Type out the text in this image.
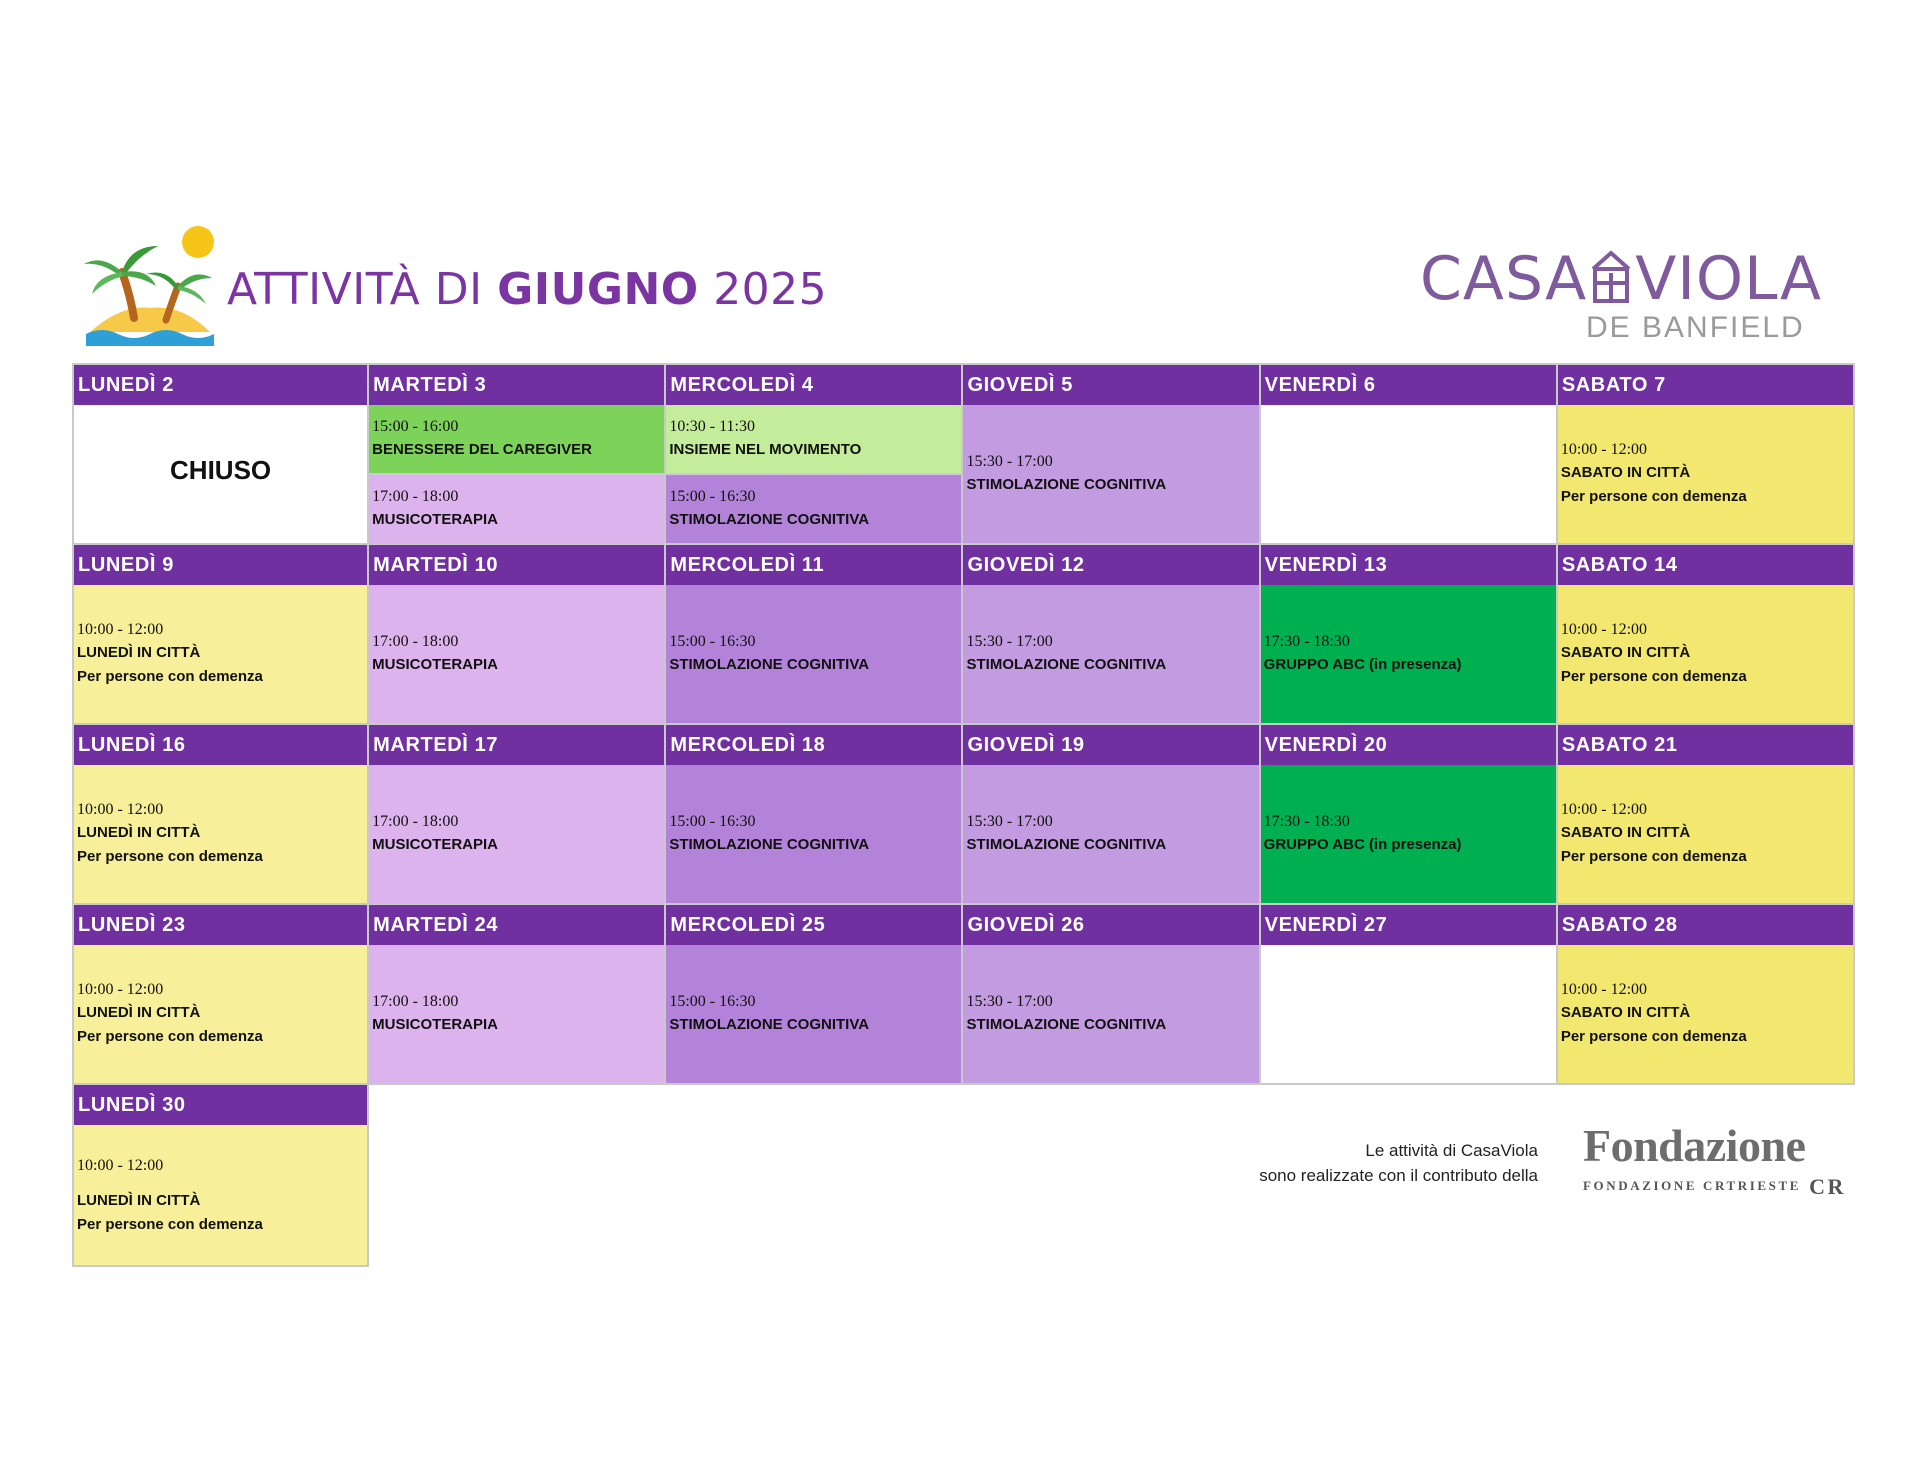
ATTIVITÀ DI GIUGNO 2025	CASA VIOLA
DE BANFIELD
LUNEDÌ 2
CHIUSO
MARTEDÌ 3
15:00 - 16:00
BENESSERE DEL CAREGIVER
17:00 - 18:00
MUSICOTERAPIA
MERCOLEDÌ 4
10:30 - 11:30
INSIEME NEL MOVIMENTO
15:00 - 16:30
STIMOLAZIONE COGNITIVA
GIOVEDÌ 5
15:30 - 17:00
STIMOLAZIONE COGNITIVA
VENERDÌ 6	SABATO 7
10:00 - 12:00
SABATO IN CITTÀ
Per persone con demenza
LUNEDÌ 9
10:00 - 12:00
LUNEDÌ IN CITTÀ
Per persone con demenza
MARTEDÌ 10
17:00 - 18:00
MUSICOTERAPIA
MERCOLEDÌ 11
15:00 - 16:30
STIMOLAZIONE COGNITIVA
GIOVEDÌ 12
15:30 - 17:00
STIMOLAZIONE COGNITIVA
VENERDÌ 13
17:30 - 18:30
GRUPPO ABC (in presenza)
SABATO 14
10:00 - 12:00
SABATO IN CITTÀ
Per persone con demenza
LUNEDÌ 16
10:00 - 12:00
LUNEDÌ IN CITTÀ
Per persone con demenza
MARTEDÌ 17
17:00 - 18:00
MUSICOTERAPIA
MERCOLEDÌ 18
15:00 - 16:30
STIMOLAZIONE COGNITIVA
GIOVEDÌ 19
15:30 - 17:00
STIMOLAZIONE COGNITIVA
VENERDÌ 20
17:30 - 18:30
GRUPPO ABC (in presenza)
SABATO 21
10:00 - 12:00
SABATO IN CITTÀ
Per persone con demenza
LUNEDÌ 23
10:00 - 12:00
LUNEDÌ IN CITTÀ
Per persone con demenza
MARTEDÌ 24
17:00 - 18:00
MUSICOTERAPIA
MERCOLEDÌ 25
15:00 - 16:30
STIMOLAZIONE COGNITIVA
GIOVEDÌ 26
15:30 - 17:00
STIMOLAZIONE COGNITIVA
VENERDÌ 27	SABATO 28
10:00 - 12:00
SABATO IN CITTÀ
Per persone con demenza
LUNEDÌ 30
10:00 - 12:00
LUNEDÌ IN CITTÀ
Per persone con demenza
Le attività di CasaViola
sono realizzate con il contributo della
Fondazione
FONDAZIONE CRTRIESTE CR
